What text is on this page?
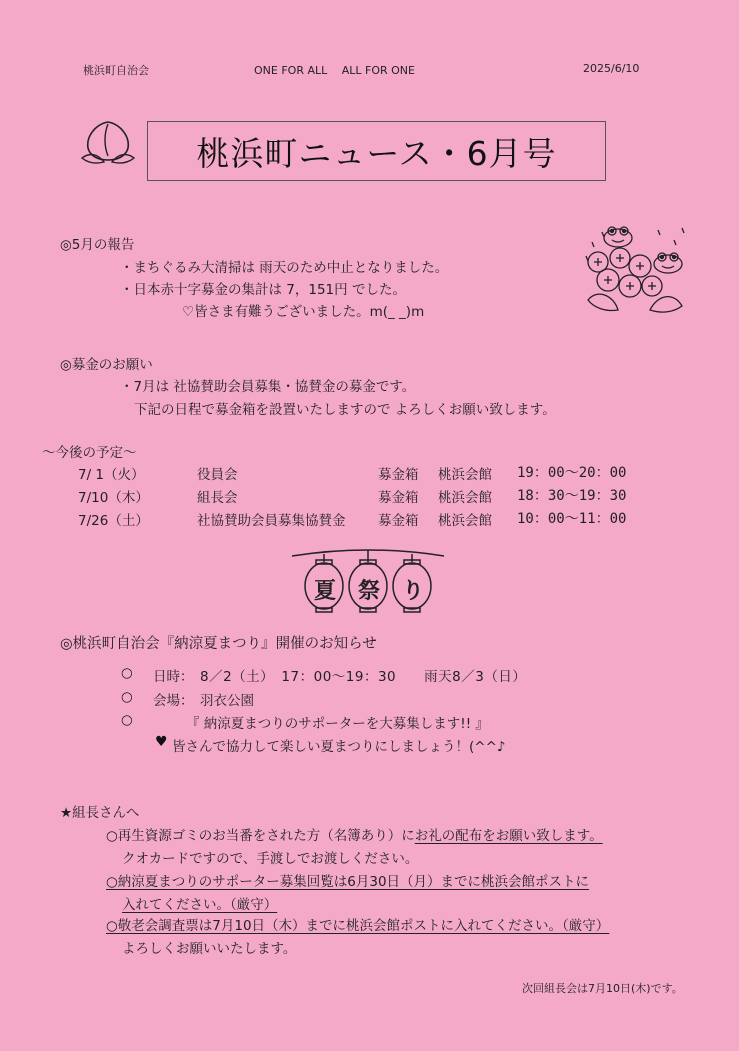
桃浜町自治会	ONE FOR ALL　 ALL FOR ONE	2025/6/10
桃浜町ニュース・6月号
◎5月の報告
・まちぐるみ大清掃は 雨天のため中止となりました。
・日本赤十字募金の集計は 7，151円 でした。
♡皆さま有難うございました。m(_ _)m
◎募金のお願い
・7月は 社協賛助会員募集・協賛金の募金です。
下記の日程で募金箱を設置いたしますので よろしくお願い致します。
～今後の予定～
7/ 1（火）	役員会	募金箱 桃浜会館 19：00～20：00
7/10（木）	組長会	募金箱 桃浜会館 18：30～19：30
7/26（土）	社協賛助会員募集協賛金 募金箱 桃浜会館 10：00～11：00
夏 祭 り
◎桃浜町自治会『納涼夏まつり』開催のお知らせ
○ 日時： 8／2（土）　17：00～19：30　　雨天8／3（日）
○ 会場： 羽衣公園
○	『 納涼夏まつりのサポーターを大募集します!! 』
♥ 皆さんで協力して楽しい夏まつりにしましょう！(^^♪
★組長さんへ
○再生資源ゴミのお当番をされた方（名簿あり）にお礼の配布をお願い致します。
クオカードですので、手渡しでお渡しください。
○納涼夏まつりのサポーター募集回覧は6月30日（月）までに桃浜会館ポストに
入れてください。（厳守）
○敬老会調査票は7月10日（木）までに桃浜会館ポストに入れてください。（厳守）
よろしくお願いいたします。
次回組長会は7月10日(木)です。
